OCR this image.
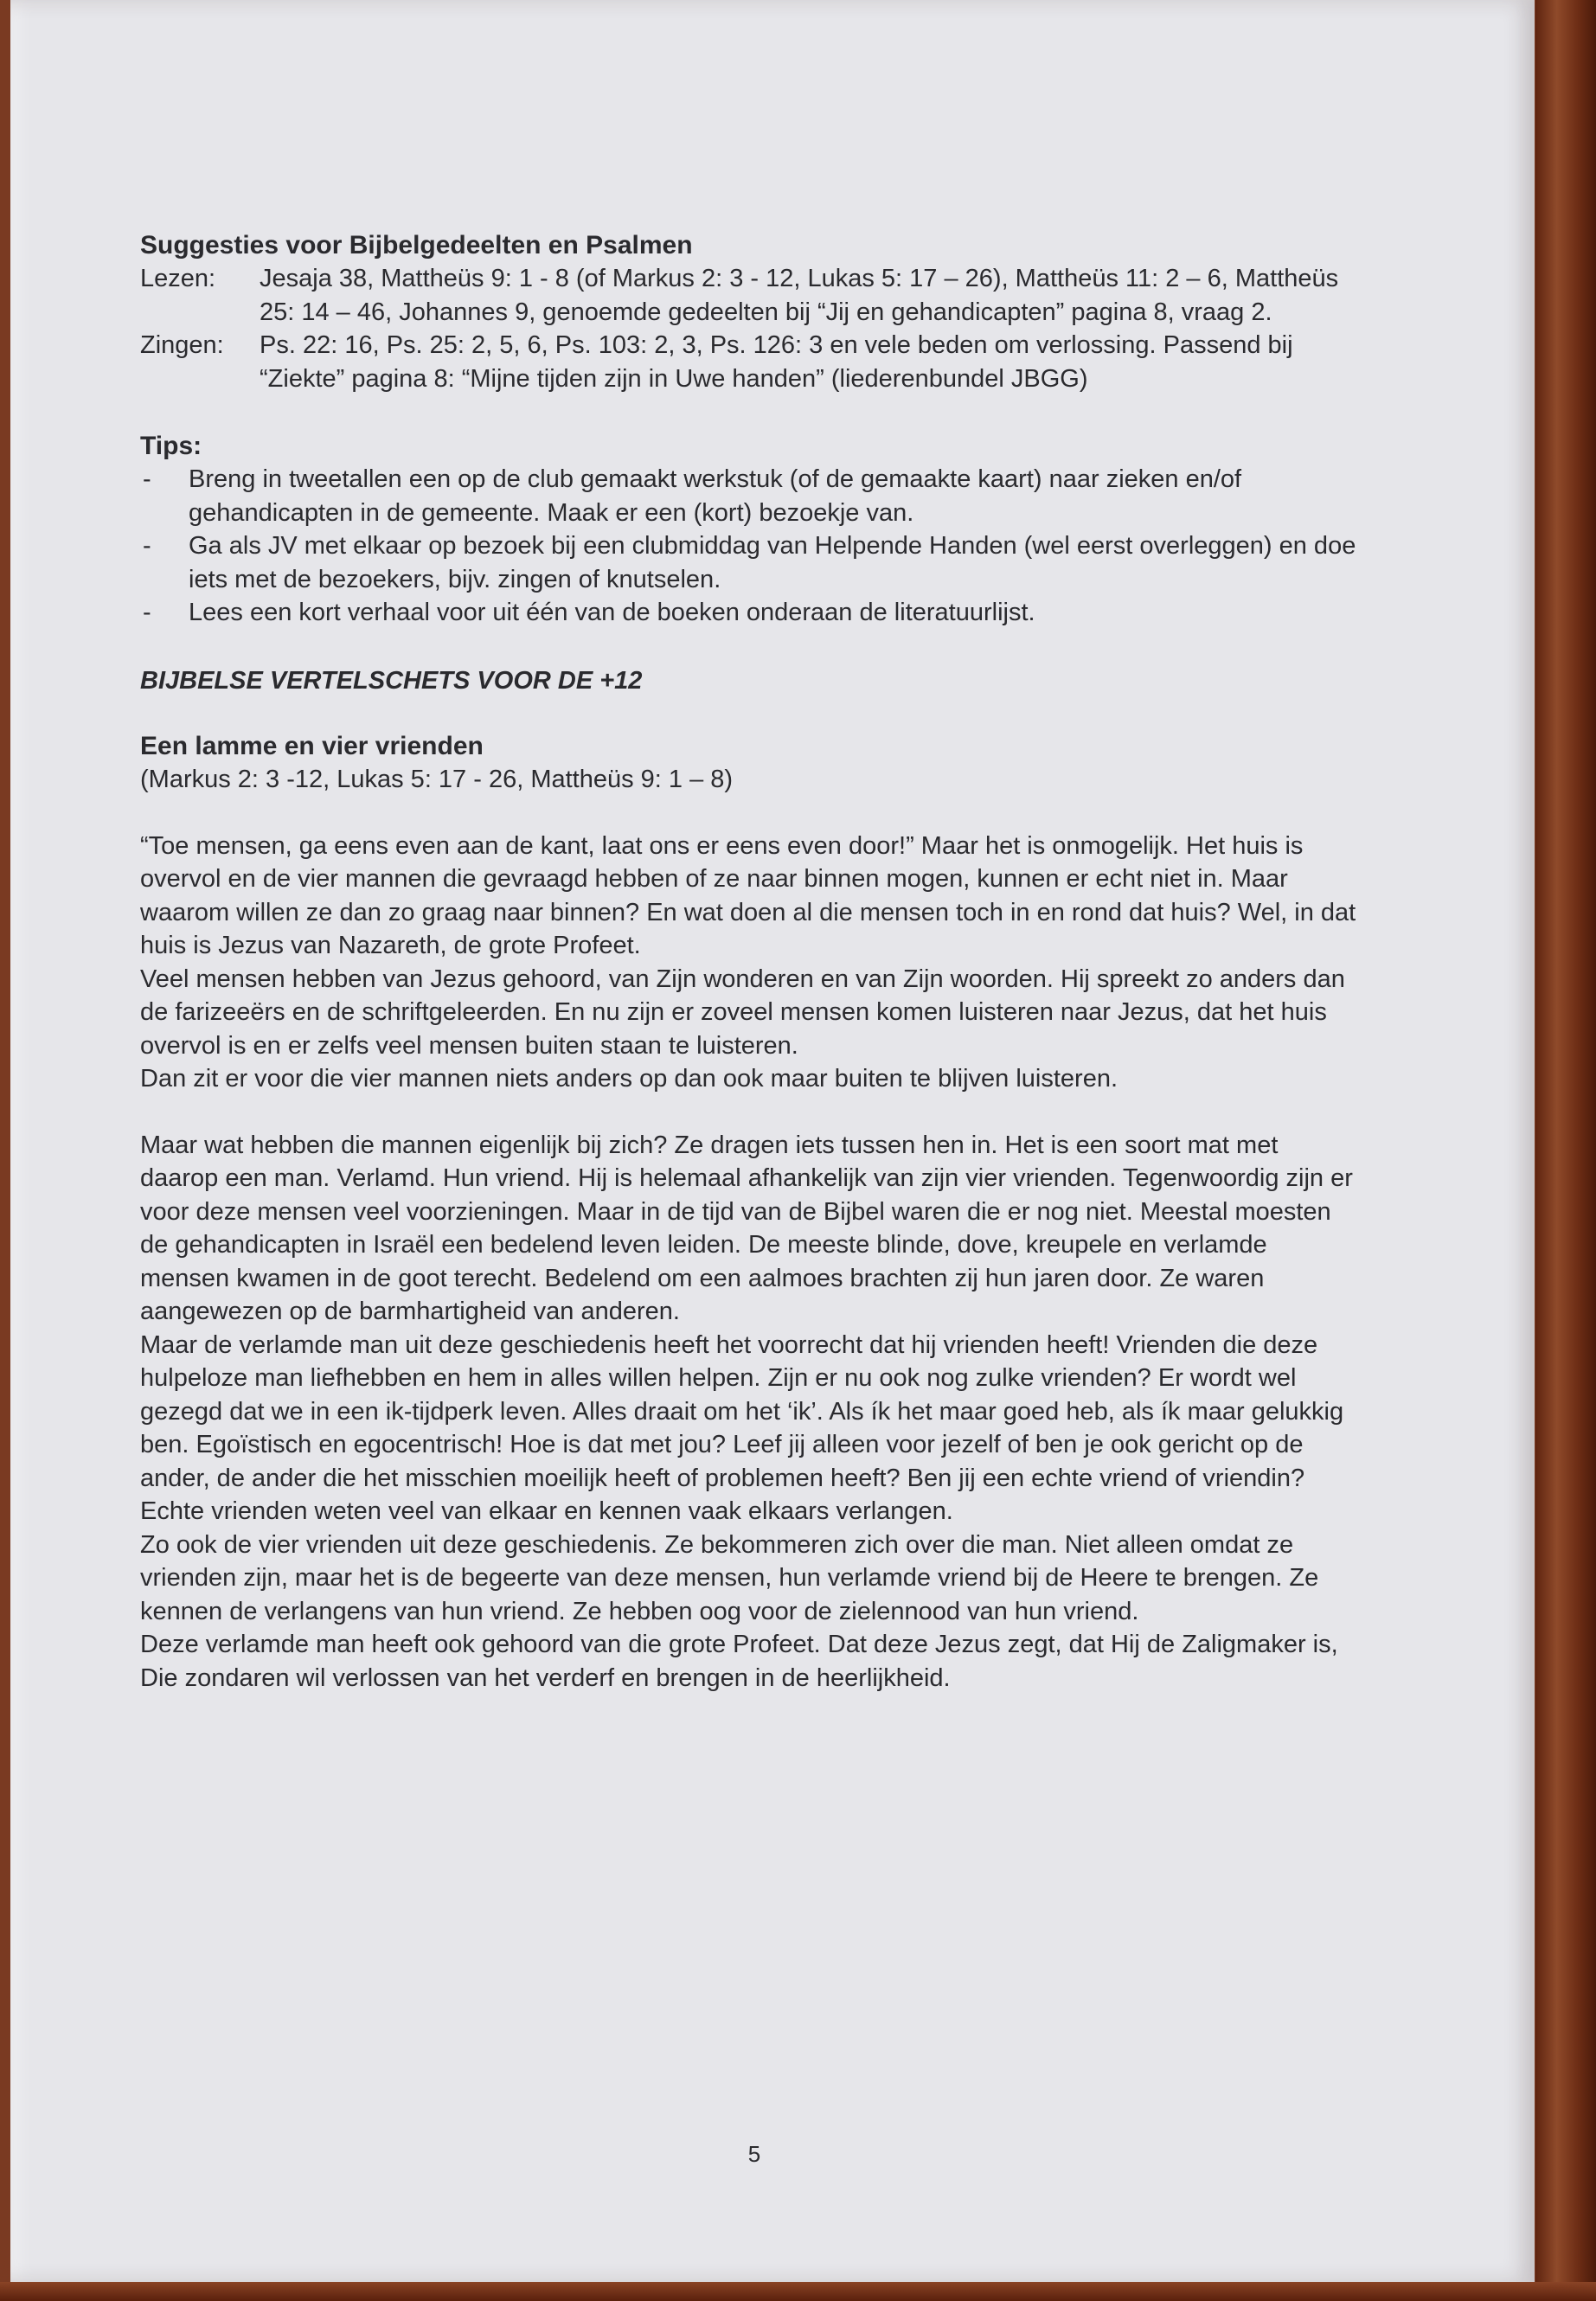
Suggesties voor Bijbelgedeelten en Psalmen
Lezen:	Jesaja 38, Mattheüs 9: 1 - 8 (of Markus 2: 3 - 12, Lukas 5: 17 – 26), Mattheüs 11: 2 – 6, Mattheüs 25: 14 – 46, Johannes 9, genoemde gedeelten bij “Jij en gehandicapten” pagina 8, vraag 2.
Zingen:	Ps. 22: 16, Ps. 25: 2, 5, 6, Ps. 103: 2, 3, Ps. 126: 3 en vele beden om verlossing. Passend bij “Ziekte” pagina 8: “Mijne tijden zijn in Uwe handen” (liederenbundel JBGG)
Tips:
- Breng in tweetallen een op de club gemaakt werkstuk (of de gemaakte kaart) naar zieken en/of gehandicapten in de gemeente. Maak er een (kort) bezoekje van.
- Ga als JV met elkaar op bezoek bij een clubmiddag van Helpende Handen (wel eerst overleggen) en doe iets met de bezoekers, bijv. zingen of knutselen.
- Lees een kort verhaal voor uit één van de boeken onderaan de literatuurlijst.
BIJBELSE VERTELSCHETS VOOR DE +12
Een lamme en vier vrienden

(Markus 2: 3 -12, Lukas 5: 17 - 26, Mattheüs 9: 1 – 8)

“Toe mensen, ga eens even aan de kant, laat ons er eens even door!” Maar het is onmogelijk. Het huis is overvol en de vier mannen die gevraagd hebben of ze naar binnen mogen, kunnen er echt niet in. Maar waarom willen ze dan zo graag naar binnen? En wat doen al die mensen toch in en rond dat huis? Wel, in dat huis is Jezus van Nazareth, de grote Profeet.

Veel mensen hebben van Jezus gehoord, van Zijn wonderen en van Zijn woorden. Hij spreekt zo anders dan de farizeeërs en de schriftgeleerden. En nu zijn er zoveel mensen komen luisteren naar Jezus, dat het huis overvol is en er zelfs veel mensen buiten staan te luisteren.

Dan zit er voor die vier mannen niets anders op dan ook maar buiten te blijven luisteren.

Maar wat hebben die mannen eigenlijk bij zich? Ze dragen iets tussen hen in. Het is een soort mat met daarop een man. Verlamd. Hun vriend. Hij is helemaal afhankelijk van zijn vier vrienden. Tegenwoordig zijn er voor deze mensen veel voorzieningen. Maar in de tijd van de Bijbel waren die er nog niet. Meestal moesten de gehandicapten in Israël een bedelend leven leiden. De meeste blinde, dove, kreupele en verlamde mensen kwamen in de goot terecht. Bedelend om een aalmoes brachten zij hun jaren door. Ze waren aangewezen op de barmhartigheid van anderen.

Maar de verlamde man uit deze geschiedenis heeft het voorrecht dat hij vrienden heeft! Vrienden die deze hulpeloze man liefhebben en hem in alles willen helpen. Zijn er nu ook nog zulke vrienden? Er wordt wel gezegd dat we in een ik-tijdperk leven. Alles draait om het ‘ik’. Als ík het maar goed heb, als ík maar gelukkig ben. Egoïstisch en egocentrisch! Hoe is dat met jou? Leef jij alleen voor jezelf of ben je ook gericht op de ander, de ander die het misschien moeilijk heeft of problemen heeft? Ben jij een echte vriend of vriendin? Echte vrienden weten veel van elkaar en kennen vaak elkaars verlangen.

Zo ook de vier vrienden uit deze geschiedenis. Ze bekommeren zich over die man. Niet alleen omdat ze vrienden zijn, maar het is de begeerte van deze mensen, hun verlamde vriend bij de Heere te brengen. Ze kennen de verlangens van hun vriend. Ze hebben oog voor de zielennood van hun vriend.

Deze verlamde man heeft ook gehoord van die grote Profeet. Dat deze Jezus zegt, dat Hij de Zaligmaker is, Die zondaren wil verlossen van het verderf en brengen in de heerlijkheid.

5
